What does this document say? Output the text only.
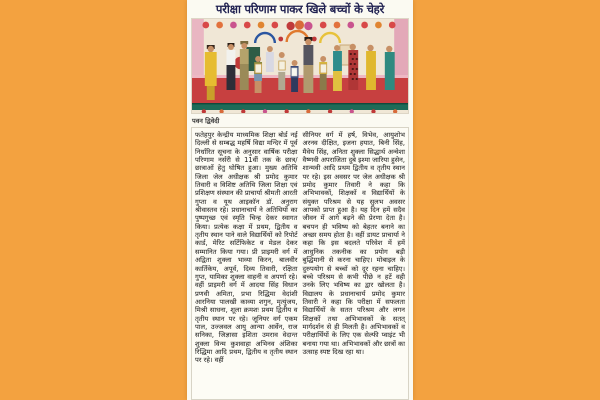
परीक्षा परिणाम पाकर खिले बच्चों के चेहरे
पवन द्विवेदी
फतेहपुर केन्द्रीय माध्यमिक शिक्षा बोर्ड नई दिल्ली से सम्बद्ध महर्षि विद्या मन्दिर में पूर्व निर्धारित सूचना के अनुसार वार्षिक परीक्षा परिणाम नर्सरी से 11वीं तक के छात्र/छात्राओं हेतु घोषित हुआ। मुख्य अतिथि जिला जेल अधीक्षक श्री प्रमोद कुमार तिवारी व विशिष्ट अतिथि जिला शिक्षा एवं प्रशिक्षण संस्थान की प्राचार्या श्रीमती आरती गुप्ता व यूथ आइकॉन डॉ. अनुराग श्रीवास्तव रहे। प्रधानाचार्य ने अतिथियों का पुष्पगुच्छ एवं स्मृति चिन्ह देकर स्वागत किया। प्रत्येक कक्षा में प्रथम, द्वितीय व तृतीय स्थान पाने वाले विद्यार्थियों को रिपोर्ट कार्ड, मेरिट सर्टिफिकेट व मेडल देकर सम्मानित किया गया। प्री प्राइमरी वर्ग में अद्विता शुक्ला भाव्या किरन, बालवीर कार्तिकेय, अपूर्व, दिव्य तिवारी, रक्षिता गुप्त, यामिका शुक्ला वाहनी व अपर्णा रहे। वहीं प्राइमरी वर्ग में आदया सिंह विधान प्रणवी अमिता, प्रभा रिद्धिमा वेदांशी आरनिया पालखी काव्या शगुन, मृत्युंजय, मिश्री साधना, शूला क्रमशः प्रथम द्वितीय व तृतीय स्थान पर रहे। जूनियर वर्ग एकम पाल, उज्जवल आयु आन्या आर्वेन, राज सनिका, जिज्ञासा इशिता उमराव वेदान्त शुक्ला विन्म कुशवाहा अभिनव अंशिका रिद्धिमा आदि प्रथम, द्वितीय व तृतीय स्थान पर रहे। वहीं
सीनियर वर्ग में हर्ष, विभेव, आयुशोभ अरनव दीक्षित, इजना हयात, बिनी सिंह, मैवेय सिंह, अनिता शुक्ला सिद्धार्थ अन्वेशा वैष्णवी अपराजिता दुबे इश्मा जारिया हुसेन, शान्मवी आदि प्रथम द्वितीय व तृतीय स्थान पर रहे। इस अवसर पर जेल अधीक्षक श्री प्रमोद कुमार तिवारी ने कहा कि अभिभावकों, शिक्षकों व विद्यार्थियों के संयुक्त परिश्रम से यह सुलभ अवसर आपको प्राप्त हुआ है। यह दिन हमें सदैव जीवन में आगे बढ़ने की प्रेरणा देता है। बचपन ही भविष्य को बेहतर बनाने का अच्छा समय होता है। वहीं डायट प्राचार्या ने कहा कि इस बदलते परिवेश में हमें आधुनिक तकनीक का प्रयोग बड़ी बुद्धिमानी से करना चाहिए। मोबाइल के दुरुपयोग से बच्चों को दूर रहना चाहिए। बच्चे परिश्रम से कभी पीछे न हटें वही उनके लिए भविष्य का द्वार खोलता है। विद्यालय के प्रधानाचार्य प्रमोद कुमार तिवारी ने कहा कि परीक्षा में सफलता विद्यार्थियों के सतत परिश्रम और लगन शिक्षकों तथा अभिभावकों के सतत् मार्गदर्शन से ही मिलती है। अभिभावकों व परीक्षार्थियों के लिए एक सेल्फी प्वाइंट भी बनाया गया था। अभिभावकों और छात्रों का उत्साह स्पष्ट दिख रहा था।
